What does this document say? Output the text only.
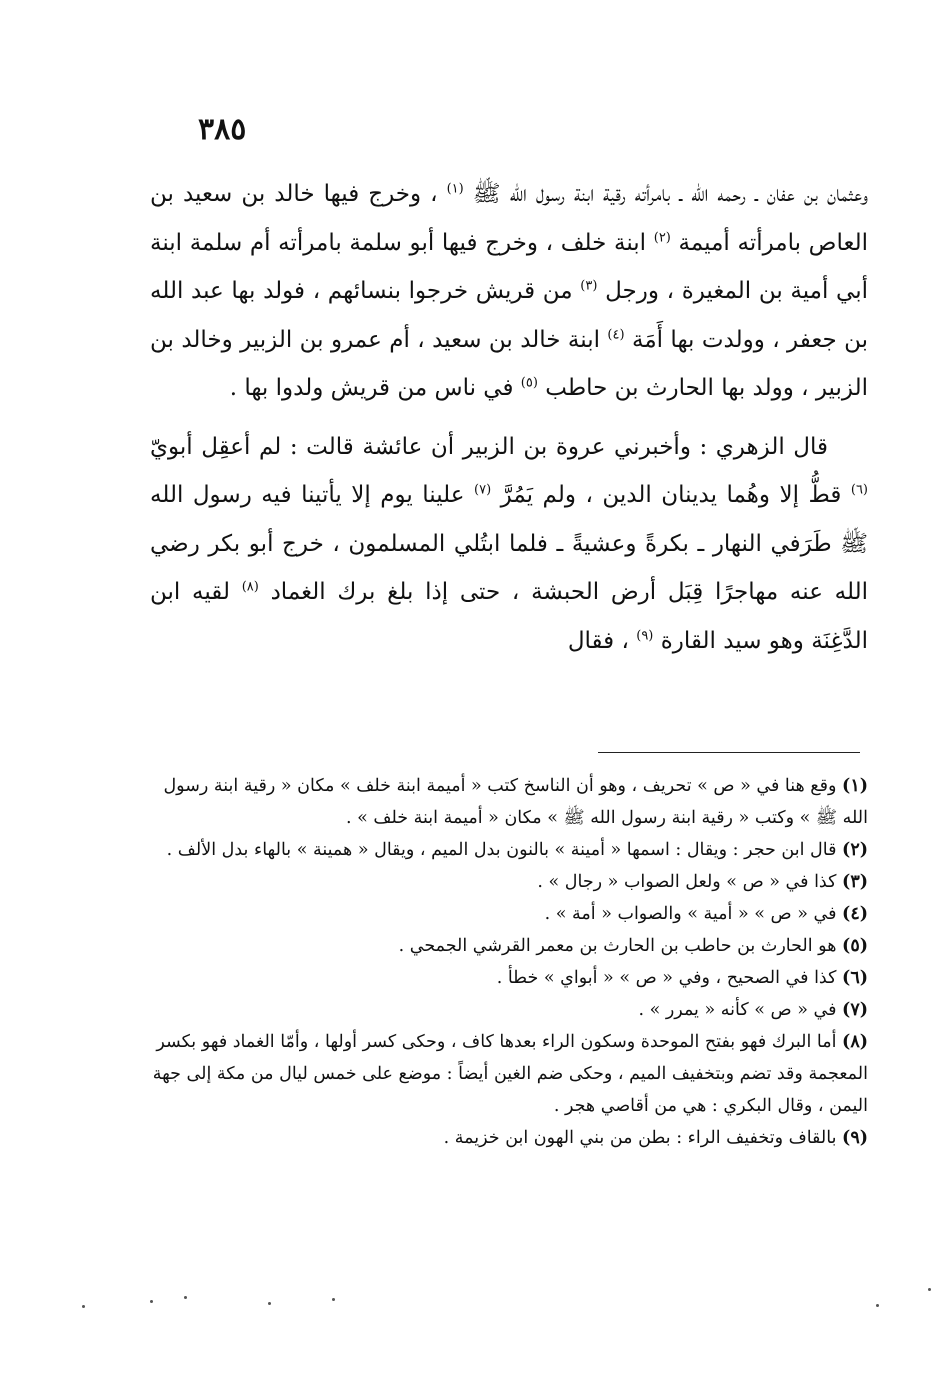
٣٨٥

وعثمان بن عفان ـ رحمه الله ـ بامرأته رقية ابنة رسول الله ﷺ $^{(١)}$ ، وخرج فيها خالد بن سعيد بن العاص بامرأته أميمة $^{(٢)}$ ابنة خلف ، وخرج فيها أبو سلمة بامرأته أم سلمة ابنة أبي أمية بن المغيرة ، ورجل $^{(٣)}$ من قريش خرجوا بنسائهم ، فولد بها عبد الله بن جعفر ، وولدت بها أَمَة $^{(٤)}$ ابنة خالد بن سعيد ، أم عمرو بن الزبير وخالد بن الزبير ، وولد بها الحارث بن حاطب $^{(٥)}$ في ناس من قريش ولدوا بها .

قال الزهري : وأخبرني عروة بن الزبير أن عائشة قالت : لم أعقِل أبويّ $^{(٦)}$ قطُّ إلا وهُما يدينان الدين ، ولم يَمُرَّ $^{(٧)}$ علينا يوم إلا يأتينا فيه رسول الله ﷺ طَرَفي النهار ـ بكرةً وعشيةً ـ فلما ابتُلي المسلمون ، خرج أبو بكر رضي الله عنه مهاجرًا قِبَل أرض الحبشة ، حتى إذا بلغ برك الغماد $^{(٨)}$ لقيه ابن الدَّغِنَة وهو سيد القارة $^{(٩)}$ ، فقال

(١) وقع هنا في « ص » تحريف ، وهو أن الناسخ كتب « أميمة ابنة خلف » مكان « رقية ابنة رسول الله ﷺ » وكتب « رقية ابنة رسول الله ﷺ » مكان « أميمة ابنة خلف » .

(٢) قال ابن حجر : ويقال : اسمها « أمينة » بالنون بدل الميم ، ويقال « همينة » بالهاء بدل الألف .

(٣) كذا في « ص » ولعل الصواب « رجال » .

(٤) في « ص » « أمية » والصواب « أمة » .

(٥) هو الحارث بن حاطب بن الحارث بن معمر القرشي الجمحي .

(٦) كذا في الصحيح ، وفي « ص » « أبواي » خطأ .

(٧) في « ص » كأنه « يمرر » .

(٨) أما البرك فهو بفتح الموحدة وسكون الراء بعدها كاف ، وحكى كسر أولها ، وأمّا الغماد فهو بكسر المعجمة وقد تضم وبتخفيف الميم ، وحكى ضم الغين أيضاً : موضع على خمس ليال من مكة إلى جهة اليمن ، وقال البكري : هي من أقاصي هجر .

(٩) بالقاف وتخفيف الراء : بطن من بني الهون ابن خزيمة .
